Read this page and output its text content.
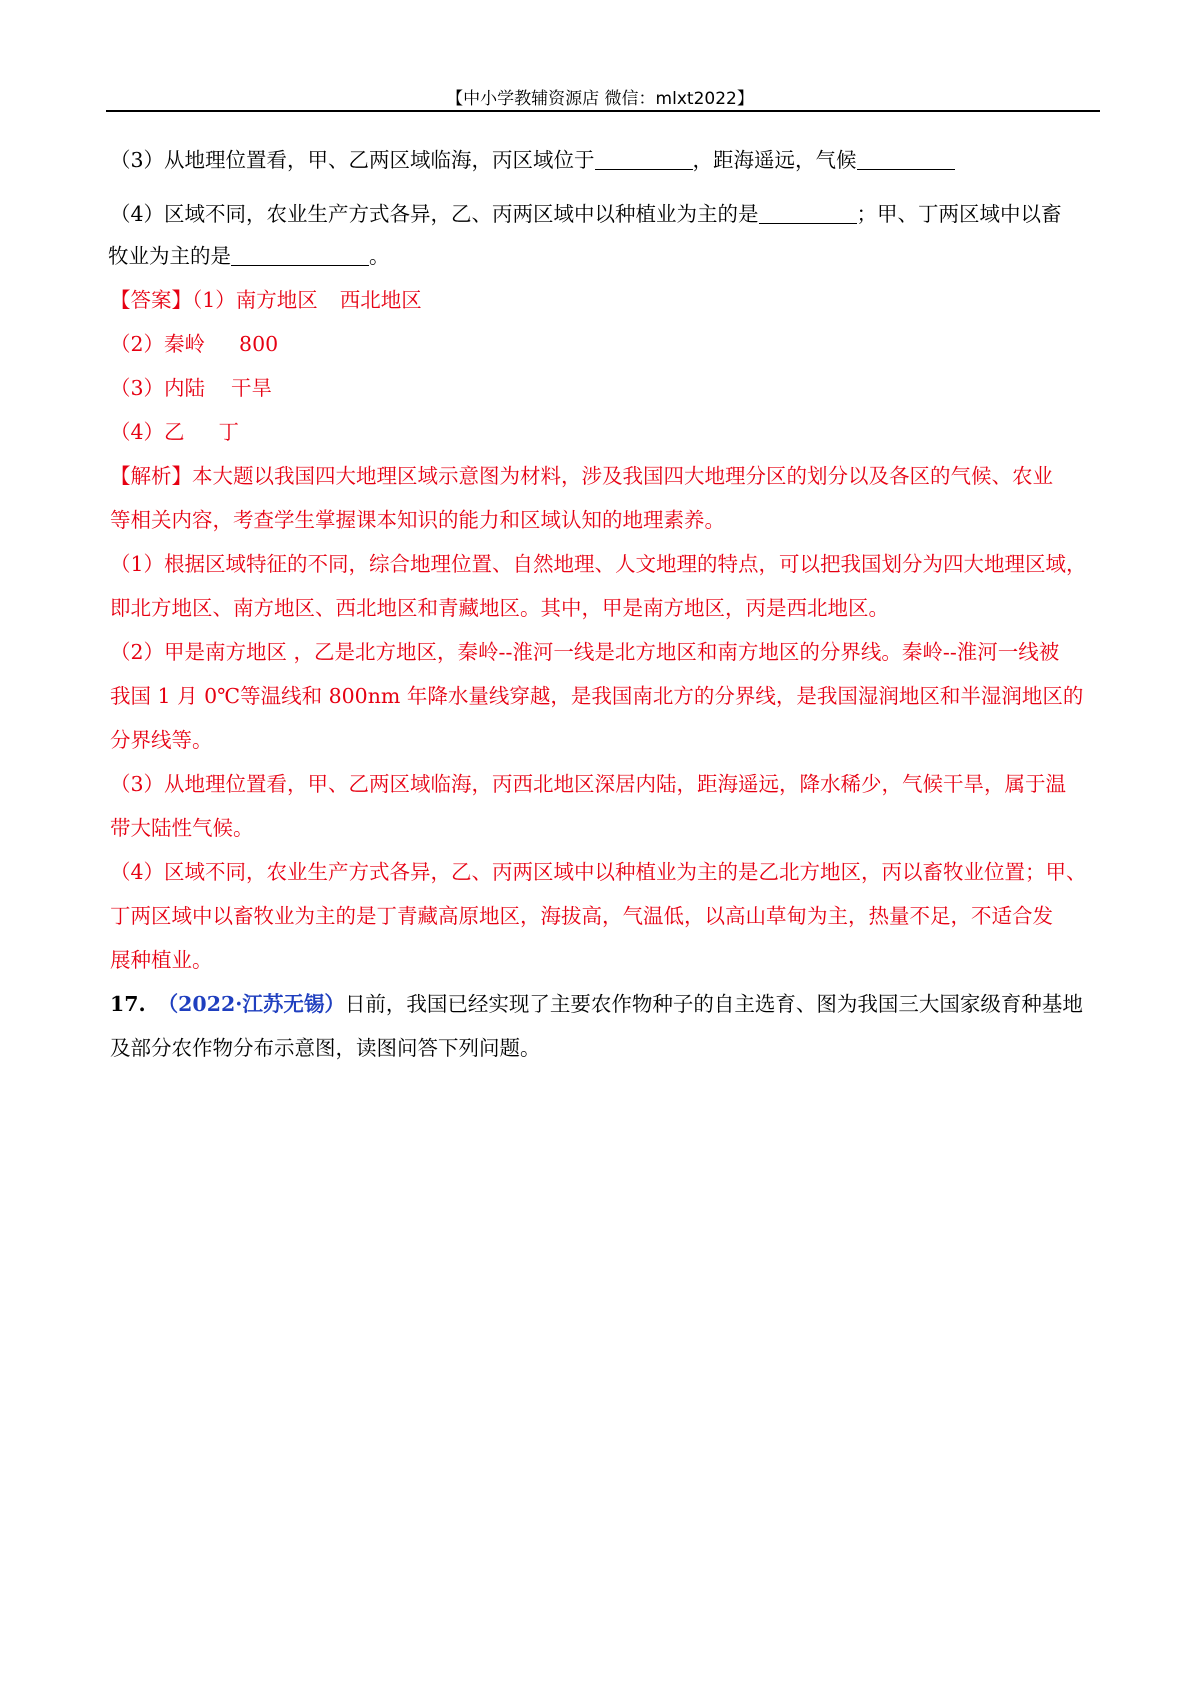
【中小学教辅资源店 微信：mlxt2022】
（3）从地理位置看，甲、乙两区域临海，丙区域位于	，距海遥远，气候
（4）区域不同，农业生产方式各异，乙、丙两区域中以种植业为主的是	；甲、丁两区域中以畜
牧业为主的是	。
【答案】（1）南方地区 西北地区
（2）秦岭 800
（3）内陆 干旱
（4）乙 丁
【解析】本大题以我国四大地理区域示意图为材料，涉及我国四大地理分区的划分以及各区的气候、农业
等相关内容，考查学生掌握课本知识的能力和区域认知的地理素养。
（1）根据区域特征的不同，综合地理位置、自然地理、人文地理的特点，可以把我国划分为四大地理区域，
即北方地区、南方地区、西北地区和青藏地区。其中，甲是南方地区，丙是西北地区。
（2）甲是南方地区 ，乙是北方地区，秦岭--淮河一线是北方地区和南方地区的分界线。秦岭--淮河一线被
我国 1 月 0℃等温线和 800nm 年降水量线穿越，是我国南北方的分界线，是我国湿润地区和半湿润地区的
分界线等。
（3）从地理位置看，甲、乙两区域临海，丙西北地区深居内陆，距海遥远，降水稀少，气候干旱，属于温
带大陆性气候。
（4）区域不同，农业生产方式各异，乙、丙两区域中以种植业为主的是乙北方地区，丙以畜牧业位置；甲、
丁两区域中以畜牧业为主的是丁青藏高原地区，海拔高，气温低，以高山草甸为主，热量不足，不适合发
展种植业。
17. （2022·江苏无锡）日前，我国已经实现了主要农作物种子的自主选育、图为我国三大国家级育种基地
及部分农作物分布示意图，读图问答下列问题。
